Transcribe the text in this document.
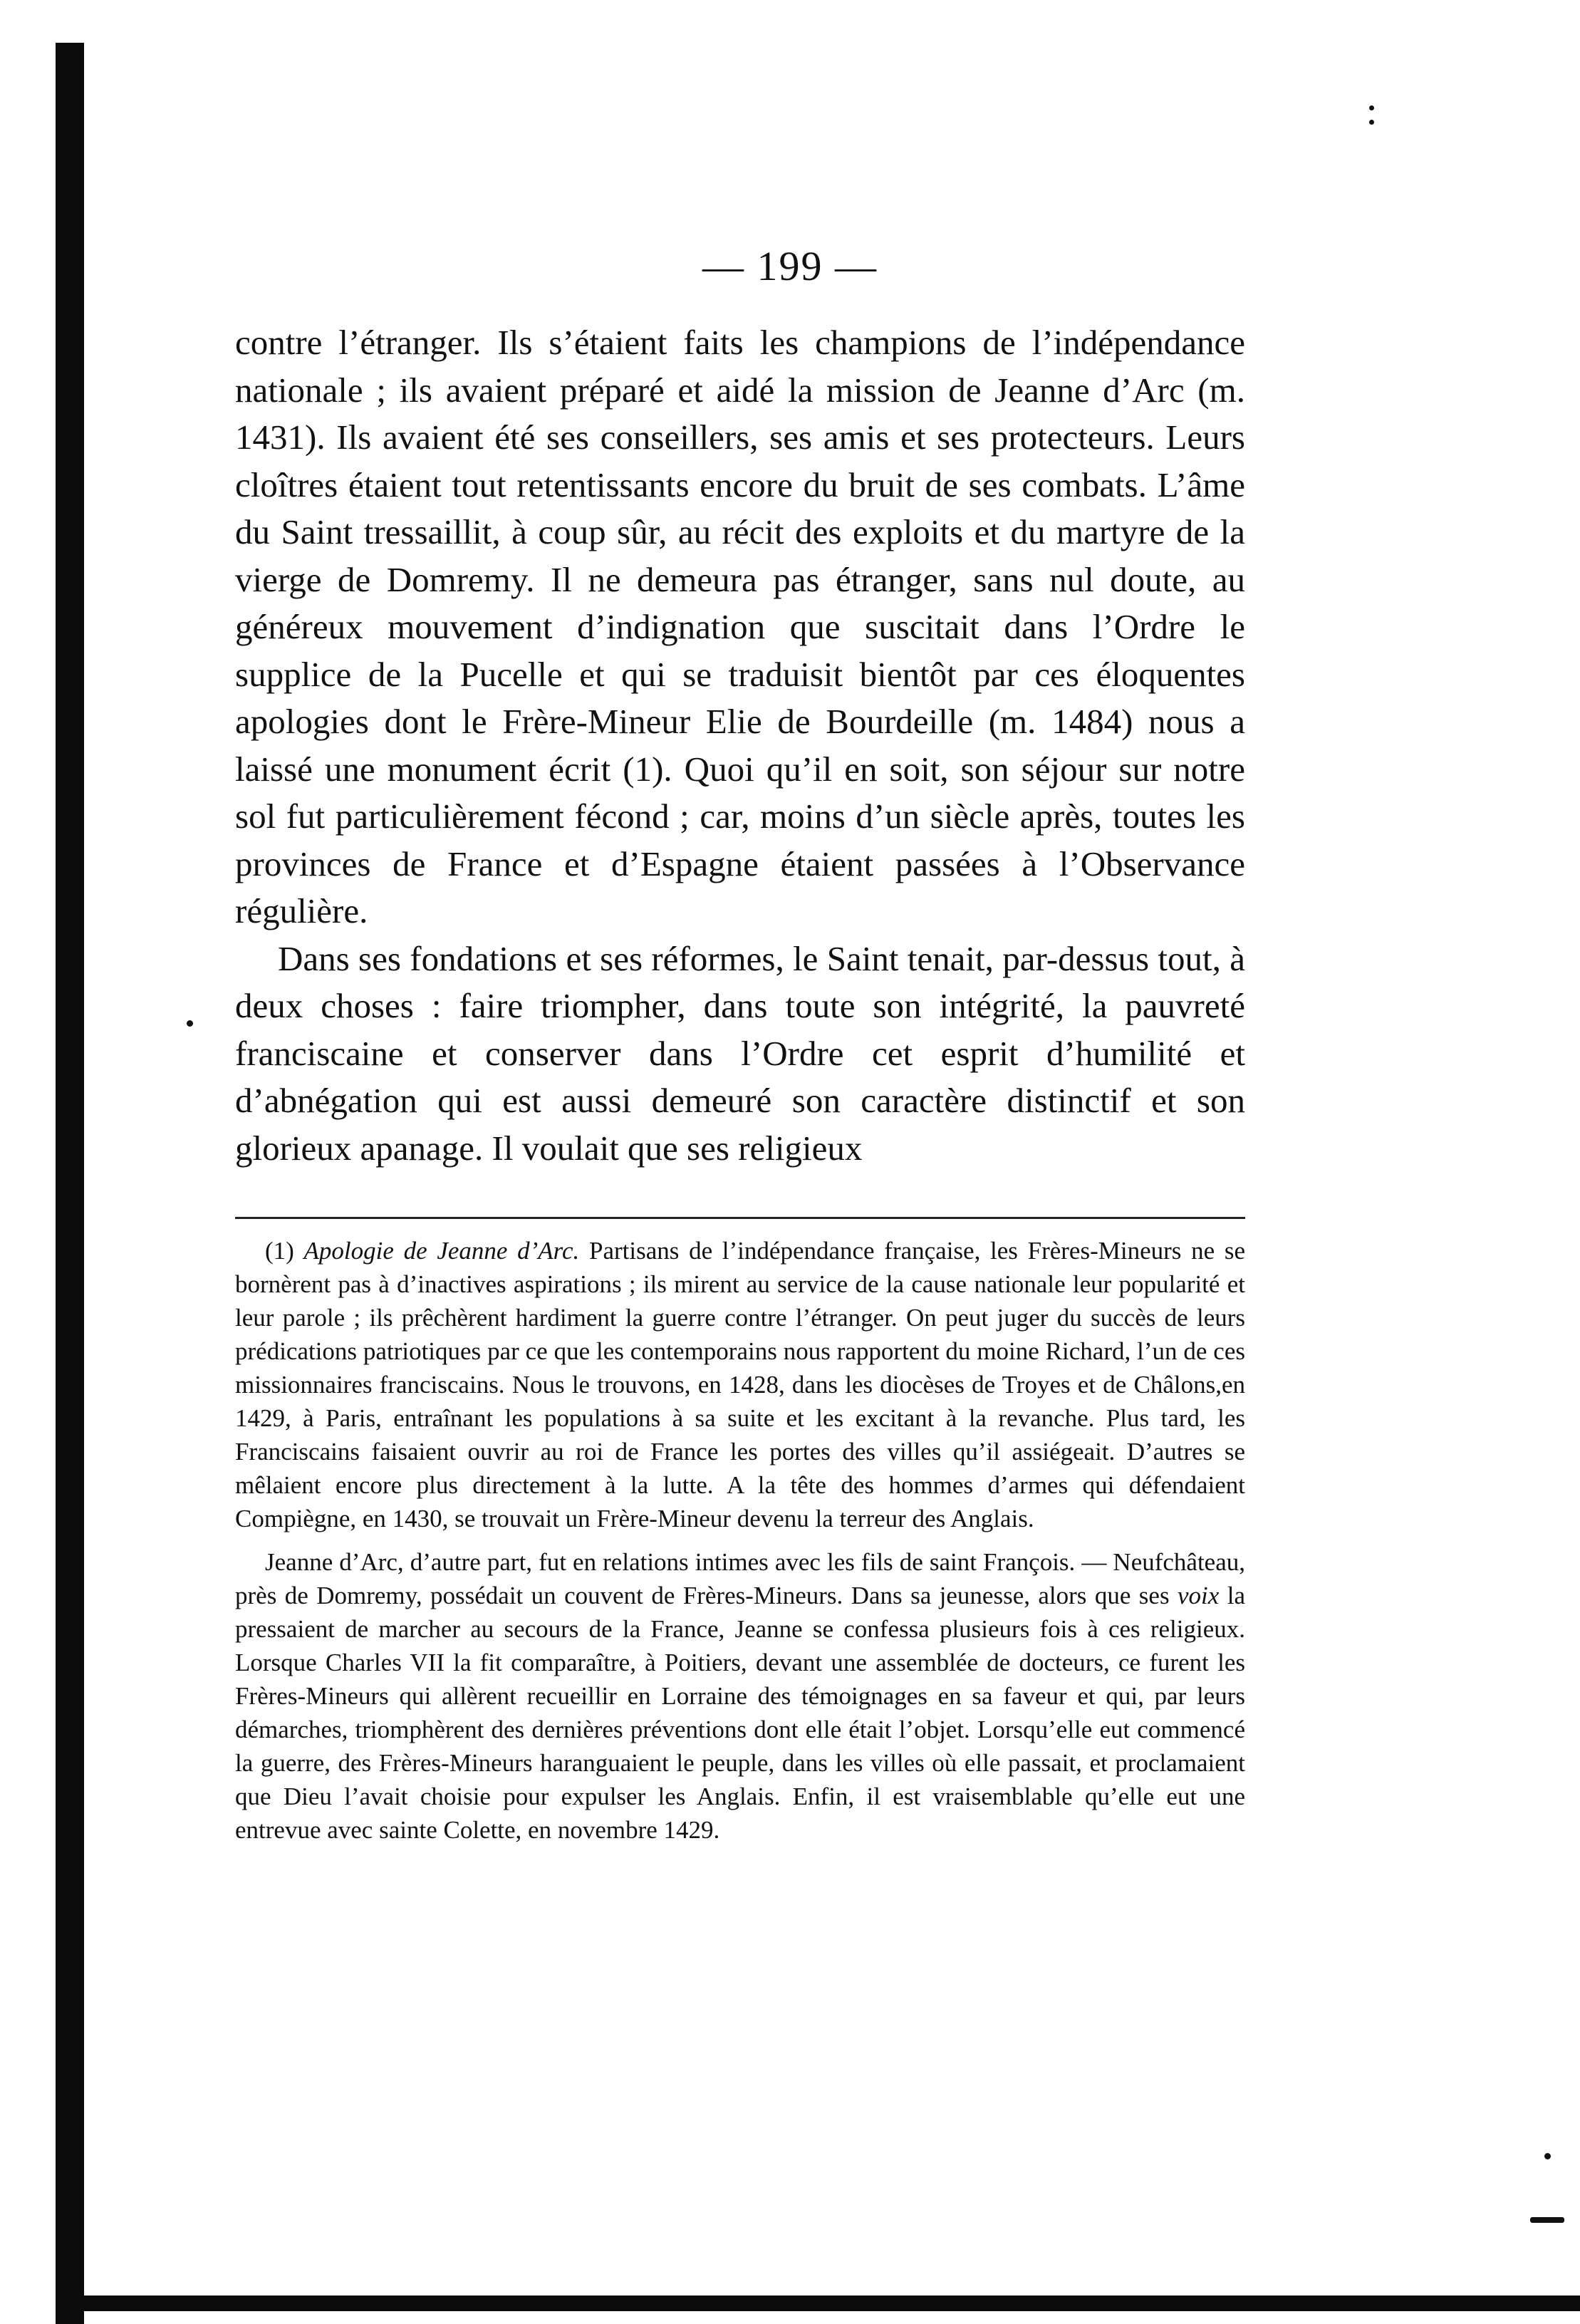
— 199 —

contre l’étranger. Ils s’étaient faits les champions de l’indépendance nationale ; ils avaient préparé et aidé la mission de Jeanne d’Arc (m. 1431). Ils avaient été ses conseillers, ses amis et ses protecteurs. Leurs cloîtres étaient tout retentissants encore du bruit de ses combats. L’âme du Saint tressaillit, à coup sûr, au récit des exploits et du martyre de la vierge de Domremy. Il ne demeura pas étranger, sans nul doute, au généreux mouvement d’indignation que suscitait dans l’Ordre le supplice de la Pucelle et qui se traduisit bientôt par ces éloquentes apologies dont le Frère-Mineur Elie de Bourdeille (m. 1484) nous a laissé une monument écrit (1). Quoi qu’il en soit, son séjour sur notre sol fut particulièrement fécond ; car, moins d’un siècle après, toutes les provinces de France et d’Espagne étaient passées à l’Observance régulière.

Dans ses fondations et ses réformes, le Saint tenait, par-dessus tout, à deux choses : faire triompher, dans toute son intégrité, la pauvreté franciscaine et conserver dans l’Ordre cet esprit d’humilité et d’abnégation qui est aussi demeuré son caractère distinctif et son glorieux apanage. Il voulait que ses religieux

(1) Apologie de Jeanne d’Arc. Partisans de l’indépendance française, les Frères-Mineurs ne se bornèrent pas à d’inactives aspirations ; ils mirent au service de la cause nationale leur popularité et leur parole ; ils prêchèrent hardiment la guerre contre l’étranger. On peut juger du succès de leurs prédications patriotiques par ce que les contemporains nous rapportent du moine Richard, l’un de ces missionnaires franciscains. Nous le trouvons, en 1428, dans les diocèses de Troyes et de Châlons,en 1429, à Paris, entraînant les populations à sa suite et les excitant à la revanche. Plus tard, les Franciscains faisaient ouvrir au roi de France les portes des villes qu’il assiégeait. D’autres se mêlaient encore plus directement à la lutte. A la tête des hommes d’armes qui défendaient Compiègne, en 1430, se trouvait un Frère-Mineur devenu la terreur des Anglais.

Jeanne d’Arc, d’autre part, fut en relations intimes avec les fils de saint François. — Neufchâteau, près de Domremy, possédait un couvent de Frères-Mineurs. Dans sa jeunesse, alors que ses voix la pressaient de marcher au secours de la France, Jeanne se confessa plusieurs fois à ces religieux. Lorsque Charles VII la fit comparaître, à Poitiers, devant une assemblée de docteurs, ce furent les Frères-Mineurs qui allèrent recueillir en Lorraine des témoignages en sa faveur et qui, par leurs démarches, triomphèrent des dernières préventions dont elle était l’objet. Lorsqu’elle eut commencé la guerre, des Frères-Mineurs haranguaient le peuple, dans les villes où elle passait, et proclamaient que Dieu l’avait choisie pour expulser les Anglais. Enfin, il est vraisemblable qu’elle eut une entrevue avec sainte Colette, en novembre 1429.
